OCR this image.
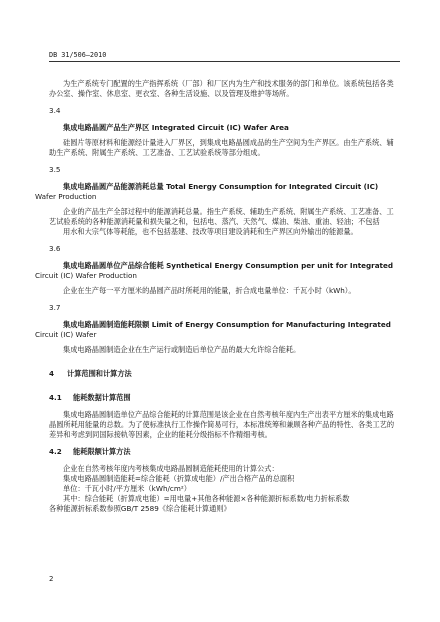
DB 31/506—2010

为生产系统专门配置的生产指挥系统（厂部）和厂区内为生产和技术服务的部门和单位。该系统包括各类办公室、操作室、休息室、更衣室、各种生活设施、以及管理及维护等场所。

3.4

集成电路晶圆产品生产界区 Integrated Circuit (IC) Wafer Area

硅圆片等原材料和能源经计量进入厂界区，到集成电路晶圆成品的生产空间为生产界区。由生产系统、辅助生产系统、附属生产系统、工艺准备、工艺试验系统等部分组成。

3.5

集成电路晶圆产品能源消耗总量 Total Energy Consumption for Integrated Circuit (IC)
Wafer Production

企业的产品生产全部过程中的能源消耗总量。指生产系统、辅助生产系统、附属生产系统、工艺准备、工艺试验系统的各种能源消耗量和损失量之和，包括电、蒸汽、天然气、煤油、柴油、重油、轻油；不包括

用水和大宗气体等耗能，也不包括基建、技改等项目建设消耗和生产界区向外输出的能源量。

3.6

集成电路晶圆单位产品综合能耗 Synthetical Energy Consumption per unit for Integrated
Circuit (IC) Wafer Production

企业在生产每一平方厘米的晶圆产品时所耗用的能量，折合成电量单位：千瓦小时（kWh）。

3.7

集成电路晶圆制造能耗限额 Limit of Energy Consumption for Manufacturing Integrated
Circuit (IC) Wafer

集成电路晶圆制造企业在生产运行或制造后单位产品的最大允许综合能耗。

4 计算范围和计算方法

4.1 能耗数据计算范围

集成电路晶圆制造单位产品综合能耗的计算范围是该企业在自然考核年度内生产出表平方厘米的集成电路晶圆所耗用能量的总数。为了使标准执行工作操作简易可行，本标准统筹和兼顾各种产品的特性、各类工艺的差异和考虑到同国际接轨等因素，企业的能耗分级指标不作精细考核。

4.2 能耗限额计算方法

企业在自然考核年度内考核集成电路晶圆制造能耗使用的计算公式：

集成电路晶圆制造能耗=综合能耗（折算成电能）/产出合格产品的总面积

单位：千瓦小时/平方厘米（kWh/cm²）

其中：综合能耗（折算成电能）=用电量+其他各种能源×各种能源折标系数/电力折标系数

各种能源折标系数参照GB/T 2589《综合能耗计算通则》

2
